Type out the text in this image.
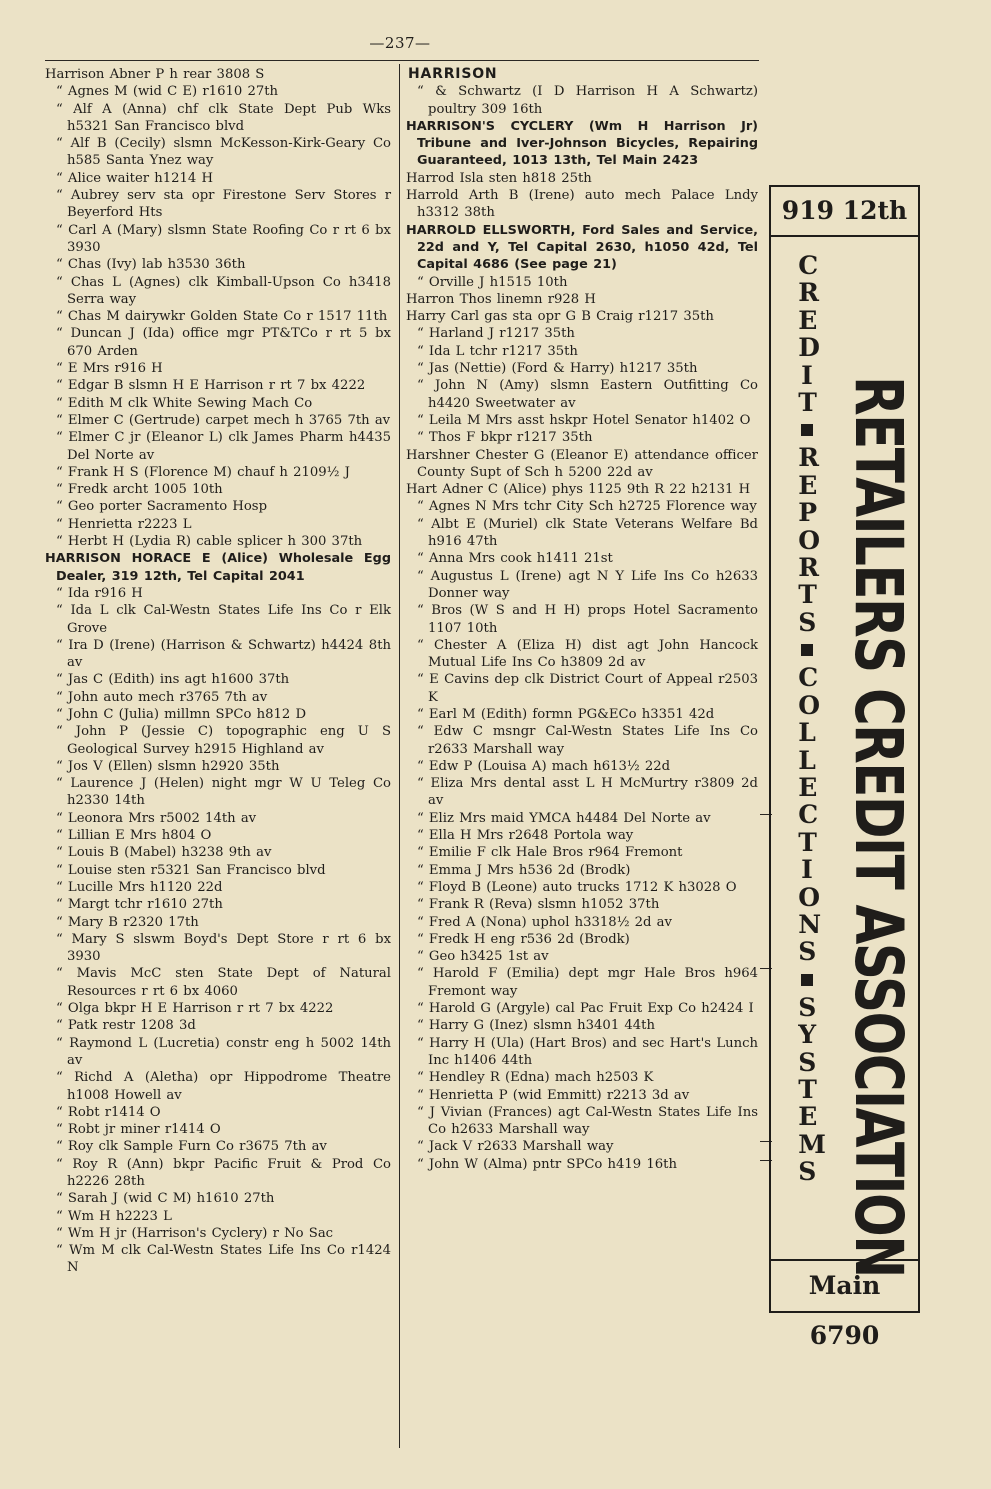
—237—
Harrison Abner P h rear 3808 S
“ Agnes M (wid C E) r1610 27th
“ Alf A (Anna) chf clk State Dept Pub Wks h5321 San Francisco blvd
“ Alf B (Cecily) slsmn McKesson-Kirk-Geary Co h585 Santa Ynez way
“ Alice waiter h1214 H
“ Aubrey serv sta opr Firestone Serv Stores r Beyerford Hts
“ Carl A (Mary) slsmn State Roofing Co r rt 6 bx 3930
“ Chas (Ivy) lab h3530 36th
“ Chas L (Agnes) clk Kimball-Upson Co h3418 Serra way
“ Chas M dairywkr Golden State Co r 1517 11th
“ Duncan J (Ida) office mgr PT&TCo r rt 5 bx 670 Arden
“ E Mrs r916 H
“ Edgar B slsmn H E Harrison r rt 7 bx 4222
“ Edith M clk White Sewing Mach Co
“ Elmer C (Gertrude) carpet mech h 3765 7th av
“ Elmer C jr (Eleanor L) clk James Pharm h4435 Del Norte av
“ Frank H S (Florence M) chauf h 2109½ J
“ Fredk archt 1005 10th
“ Geo porter Sacramento Hosp
“ Henrietta r2223 L
“ Herbt H (Lydia R) cable splicer h 300 37th
HARRISON HORACE E (Alice) Wholesale Egg Dealer, 319 12th, Tel Capital 2041
“ Ida r916 H
“ Ida L clk Cal-Westn States Life Ins Co r Elk Grove
“ Ira D (Irene) (Harrison & Schwartz) h4424 8th av
“ Jas C (Edith) ins agt h1600 37th
“ John auto mech r3765 7th av
“ John C (Julia) millmn SPCo h812 D
“ John P (Jessie C) topographic eng U S Geological Survey h2915 Highland av
“ Jos V (Ellen) slsmn h2920 35th
“ Laurence J (Helen) night mgr W U Teleg Co h2330 14th
“ Leonora Mrs r5002 14th av
“ Lillian E Mrs h804 O
“ Louis B (Mabel) h3238 9th av
“ Louise sten r5321 San Francisco blvd
“ Lucille Mrs h1120 22d
“ Margt tchr r1610 27th
“ Mary B r2320 17th
“ Mary S slswm Boyd's Dept Store r rt 6 bx 3930
“ Mavis McC sten State Dept of Natural Resources r rt 6 bx 4060
“ Olga bkpr H E Harrison r rt 7 bx 4222
“ Patk restr 1208 3d
“ Raymond L (Lucretia) constr eng h 5002 14th av
“ Richd A (Aletha) opr Hippodrome Theatre h1008 Howell av
“ Robt r1414 O
“ Robt jr miner r1414 O
“ Roy clk Sample Furn Co r3675 7th av
“ Roy R (Ann) bkpr Pacific Fruit & Prod Co h2226 28th
“ Sarah J (wid C M) h1610 27th
“ Wm H h2223 L
“ Wm H jr (Harrison's Cyclery) r No Sac
“ Wm M clk Cal-Westn States Life Ins Co r1424 N
HARRISON
“ & Schwartz (I D Harrison H A Schwartz) poultry 309 16th
HARRISON'S CYCLERY (Wm H Harrison Jr) Tribune and Iver-Johnson Bicycles, Repairing Guaranteed, 1013 13th, Tel Main 2423
Harrod Isla sten h818 25th
Harrold Arth B (Irene) auto mech Palace Lndy h3312 38th
HARROLD ELLSWORTH, Ford Sales and Service, 22d and Y, Tel Capital 2630, h1050 42d, Tel Capital 4686 (See page 21)
“ Orville J h1515 10th
Harron Thos linemn r928 H
Harry Carl gas sta opr G B Craig r1217 35th
“ Harland J r1217 35th
“ Ida L tchr r1217 35th
“ Jas (Nettie) (Ford & Harry) h1217 35th
“ John N (Amy) slsmn Eastern Outfitting Co h4420 Sweetwater av
“ Leila M Mrs asst hskpr Hotel Senator h1402 O
“ Thos F bkpr r1217 35th
Harshner Chester G (Eleanor E) attendance officer County Supt of Sch h 5200 22d av
Hart Adner C (Alice) phys 1125 9th R 22 h2131 H
“ Agnes N Mrs tchr City Sch h2725 Florence way
“ Albt E (Muriel) clk State Veterans Welfare Bd h916 47th
“ Anna Mrs cook h1411 21st
“ Augustus L (Irene) agt N Y Life Ins Co h2633 Donner way
“ Bros (W S and H H) props Hotel Sacramento 1107 10th
“ Chester A (Eliza H) dist agt John Hancock Mutual Life Ins Co h3809 2d av
“ E Cavins dep clk District Court of Appeal r2503 K
“ Earl M (Edith) formn PG&ECo h3351 42d
“ Edw C msngr Cal-Westn States Life Ins Co r2633 Marshall way
“ Edw P (Louisa A) mach h613½ 22d
“ Eliza Mrs dental asst L H McMurtry r3809 2d av
“ Eliz Mrs maid YMCA h4484 Del Norte av
“ Ella H Mrs r2648 Portola way
“ Emilie F clk Hale Bros r964 Fremont
“ Emma J Mrs h536 2d (Brodk)
“ Floyd B (Leone) auto trucks 1712 K h3028 O
“ Frank R (Reva) slsmn h1052 37th
“ Fred A (Nona) uphol h3318½ 2d av
“ Fredk H eng r536 2d (Brodk)
“ Geo h3425 1st av
“ Harold F (Emilia) dept mgr Hale Bros h964 Fremont way
“ Harold G (Argyle) cal Pac Fruit Exp Co h2424 I
“ Harry G (Inez) slsmn h3401 44th
“ Harry H (Ula) (Hart Bros) and sec Hart's Lunch Inc h1406 44th
“ Hendley R (Edna) mach h2503 K
“ Henrietta P (wid Emmitt) r2213 3d av
“ J Vivian (Frances) agt Cal-Westn States Life Ins Co h2633 Marshall way
“ Jack V r2633 Marshall way
“ John W (Alma) pntr SPCo h419 16th
919 12th
CREDIT
REPORTS
COLLECTIONS
SYSTEMS RETAILERS CREDIT ASSOCIATION
Main 6790
